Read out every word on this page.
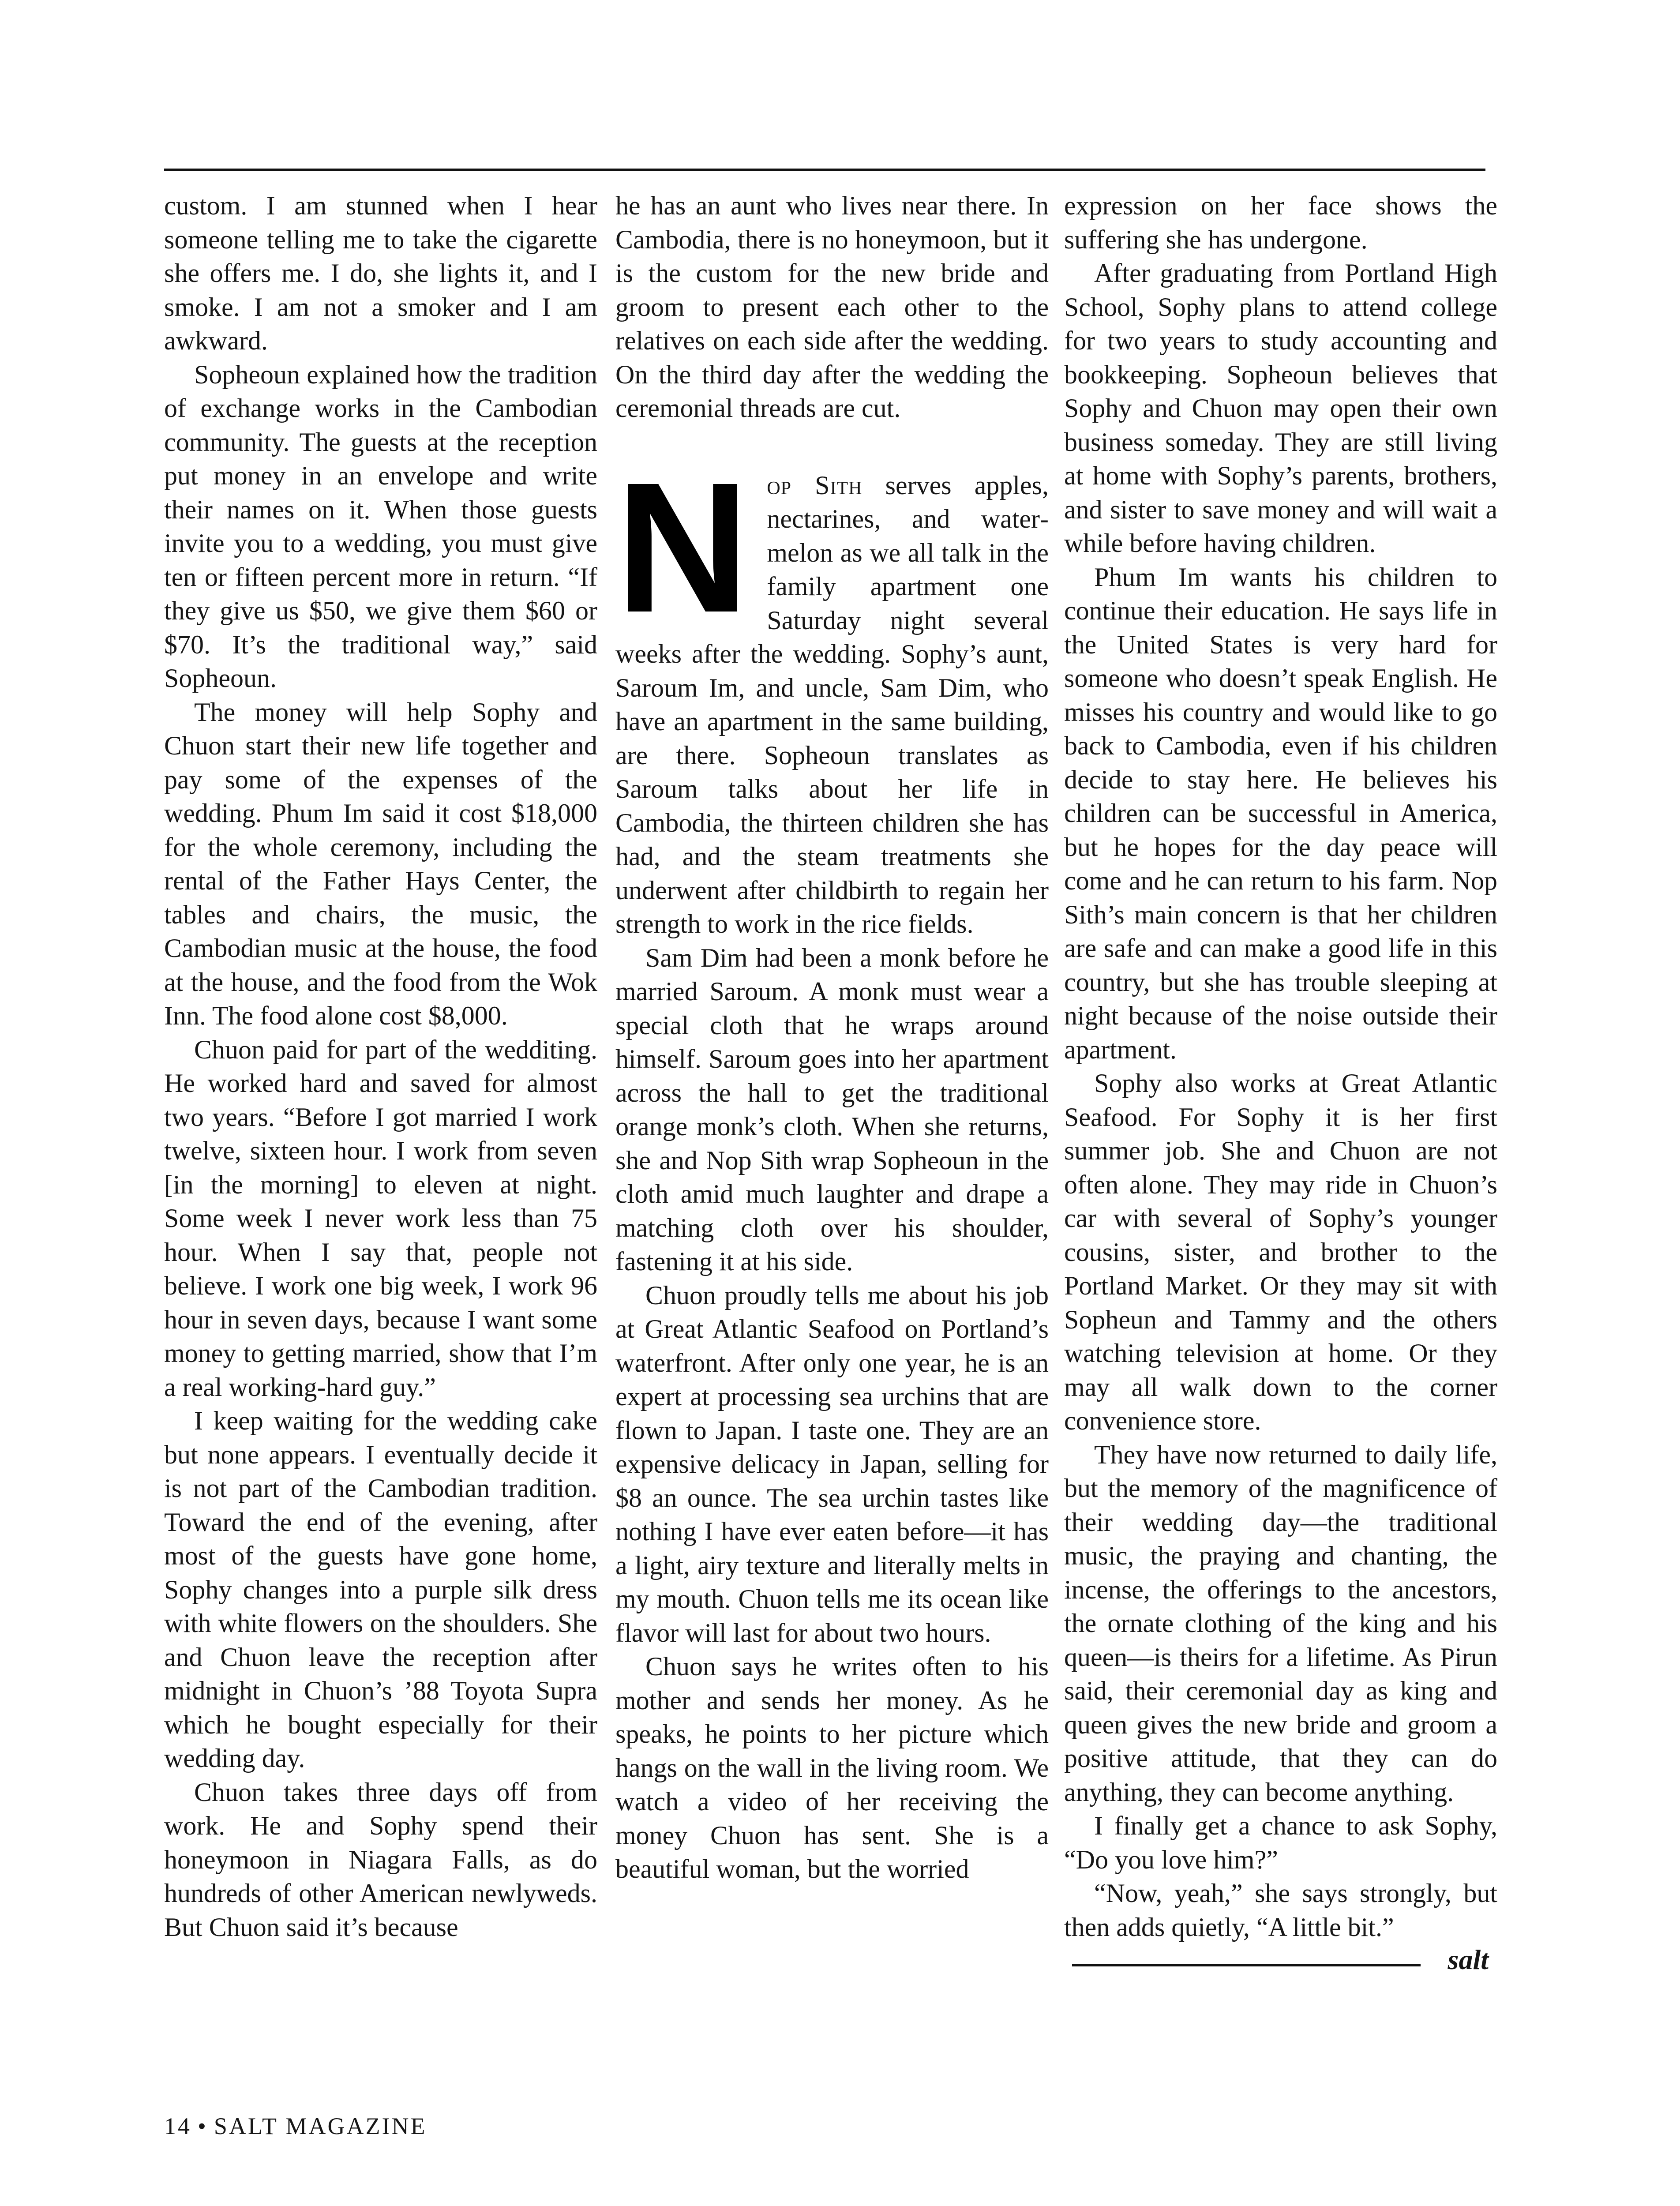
custom. I am stunned when I hear someone telling me to take the cigarette she offers me. I do, she lights it, and I smoke. I am not a smoker and I am awkward.

Sopheoun explained how the tradition of exchange works in the Cambodian community. The guests at the reception put money in an envelope and write their names on it. When those guests invite you to a wedding, you must give ten or fifteen percent more in return. “If they give us $50, we give them $60 or $70. It’s the traditional way,” said Sopheoun.

The money will help Sophy and Chuon start their new life together and pay some of the expenses of the wedding. Phum Im said it cost $18,000 for the whole ceremony, including the rental of the Father Hays Center, the tables and chairs, the music, the Cambodian music at the house, the food at the house, and the food from the Wok Inn. The food alone cost $8,000.

Chuon paid for part of the wedditing. He worked hard and saved for almost two years. “Before I got married I work twelve, sixteen hour. I work from seven [in the morning] to eleven at night. Some week I never work less than 75 hour. When I say that, people not believe. I work one big week, I work 96 hour in seven days, because I want some money to getting married, show that I’m a real working-hard guy.”

I keep waiting for the wedding cake but none appears. I eventually decide it is not part of the Cambodian tradition. Toward the end of the evening, after most of the guests have gone home, Sophy changes into a purple silk dress with white flowers on the shoulders. She and Chuon leave the reception after midnight in Chuon’s ’88 Toyota Supra which he bought especially for their wedding day.

Chuon takes three days off from work. He and Sophy spend their honeymoon in Niagara Falls, as do hundreds of other American newlyweds. But Chuon said it’s because

he has an aunt who lives near there. In Cambodia, there is no honeymoon, but it is the custom for the new bride and groom to present each other to the relatives on each side after the wedding. On the third day after the wedding the ceremonial threads are cut.

Nop Sith serves apples, nectarines, and watermelon as we all talk in the family apartment one Saturday night several weeks after the wedding. Sophy’s aunt, Saroum Im, and uncle, Sam Dim, who have an apartment in the same building, are there. Sopheoun translates as Saroum talks about her life in Cambodia, the thirteen children she has had, and the steam treatments she underwent after childbirth to regain her strength to work in the rice fields.

Sam Dim had been a monk before he married Saroum. A monk must wear a special cloth that he wraps around himself. Saroum goes into her apartment across the hall to get the traditional orange monk’s cloth. When she returns, she and Nop Sith wrap Sopheoun in the cloth amid much laughter and drape a matching cloth over his shoulder, fastening it at his side.

Chuon proudly tells me about his job at Great Atlantic Seafood on Portland’s waterfront. After only one year, he is an expert at processing sea urchins that are flown to Japan. I taste one. They are an expensive delicacy in Japan, selling for $8 an ounce. The sea urchin tastes like nothing I have ever eaten before—it has a light, airy texture and literally melts in my mouth. Chuon tells me its ocean like flavor will last for about two hours.

Chuon says he writes often to his mother and sends her money. As he speaks, he points to her picture which hangs on the wall in the living room. We watch a video of her receiving the money Chuon has sent. She is a beautiful woman, but the worried

expression on her face shows the suffering she has undergone.

After graduating from Portland High School, Sophy plans to attend college for two years to study accounting and bookkeeping. Sopheoun believes that Sophy and Chuon may open their own business someday. They are still living at home with Sophy’s parents, brothers, and sister to save money and will wait a while before having children.

Phum Im wants his children to continue their education. He says life in the United States is very hard for someone who doesn’t speak English. He misses his country and would like to go back to Cambodia, even if his children decide to stay here. He believes his children can be successful in America, but he hopes for the day peace will come and he can return to his farm. Nop Sith’s main concern is that her children are safe and can make a good life in this country, but she has trouble sleeping at night because of the noise outside their apartment.

Sophy also works at Great Atlantic Seafood. For Sophy it is her first summer job. She and Chuon are not often alone. They may ride in Chuon’s car with several of Sophy’s younger cousins, sister, and brother to the Portland Market. Or they may sit with Sopheun and Tammy and the others watching television at home. Or they may all walk down to the corner convenience store.

They have now returned to daily life, but the memory of the magnificence of their wedding day—the traditional music, the praying and chanting, the incense, the offerings to the ancestors, the ornate clothing of the king and his queen—is theirs for a lifetime. As Pirun said, their ceremonial day as king and queen gives the new bride and groom a positive attitude, that they can do anything, they can become anything.

I finally get a chance to ask Sophy, “Do you love him?”

“Now, yeah,” she says strongly, but then adds quietly, “A little bit.”

salt
14 • SALT MAGAZINE
